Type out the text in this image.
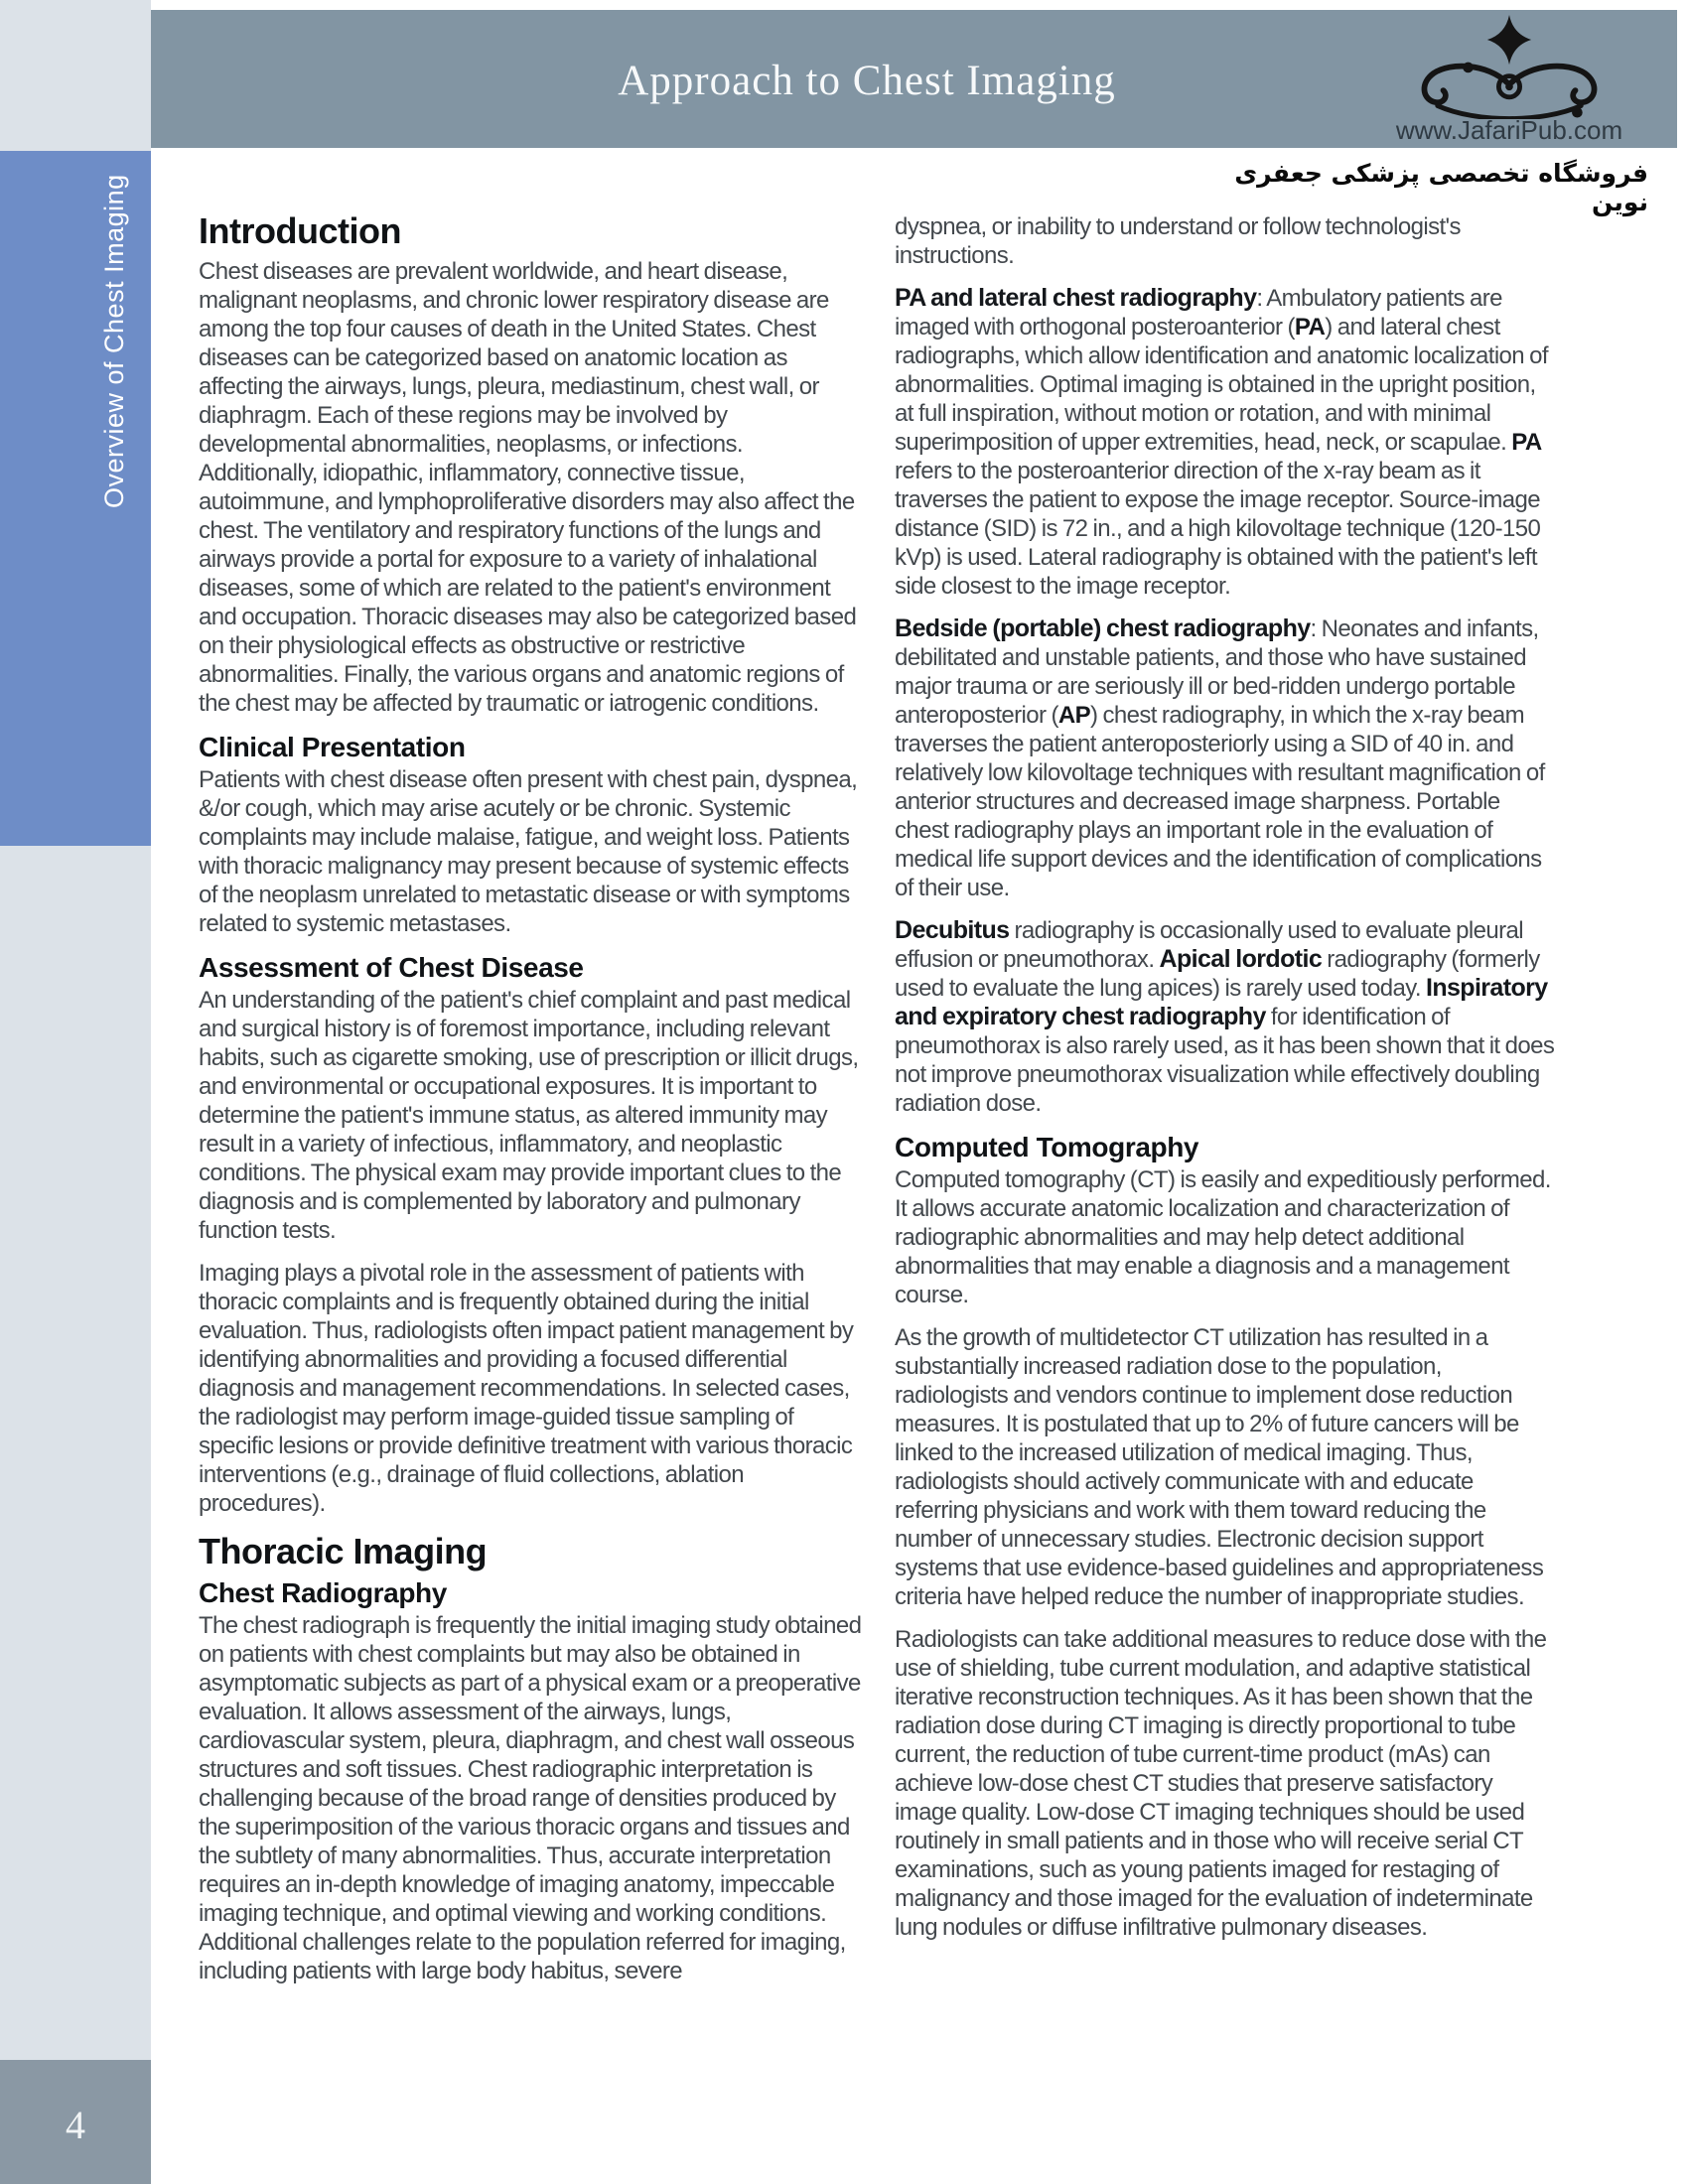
Approach to Chest Imaging
www.JafariPub.com
فروشگاه تخصصی پزشکی جعفری نوین
Overview of Chest Imaging
4
Introduction

Chest diseases are prevalent worldwide, and heart disease, malignant neoplasms, and chronic lower respiratory disease are among the top four causes of death in the United States. Chest diseases can be categorized based on anatomic location as affecting the airways, lungs, pleura, mediastinum, chest wall, or diaphragm. Each of these regions may be involved by developmental abnormalities, neoplasms, or infections. Additionally, idiopathic, inflammatory, connective tissue, autoimmune, and lymphoproliferative disorders may also affect the chest. The ventilatory and respiratory functions of the lungs and airways provide a portal for exposure to a variety of inhalational diseases, some of which are related to the patient's environment and occupation. Thoracic diseases may also be categorized based on their physiological effects as obstructive or restrictive abnormalities. Finally, the various organs and anatomic regions of the chest may be affected by traumatic or iatrogenic conditions.

Clinical Presentation

Patients with chest disease often present with chest pain, dyspnea, &/or cough, which may arise acutely or be chronic. Systemic complaints may include malaise, fatigue, and weight loss. Patients with thoracic malignancy may present because of systemic effects of the neoplasm unrelated to metastatic disease or with symptoms related to systemic metastases.

Assessment of Chest Disease

An understanding of the patient's chief complaint and past medical and surgical history is of foremost importance, including relevant habits, such as cigarette smoking, use of prescription or illicit drugs, and environmental or occupational exposures. It is important to determine the patient's immune status, as altered immunity may result in a variety of infectious, inflammatory, and neoplastic conditions. The physical exam may provide important clues to the diagnosis and is complemented by laboratory and pulmonary function tests.

Imaging plays a pivotal role in the assessment of patients with thoracic complaints and is frequently obtained during the initial evaluation. Thus, radiologists often impact patient management by identifying abnormalities and providing a focused differential diagnosis and management recommendations. In selected cases, the radiologist may perform image-guided tissue sampling of specific lesions or provide definitive treatment with various thoracic interventions (e.g., drainage of fluid collections, ablation procedures).

Thoracic Imaging
Chest Radiography

The chest radiograph is frequently the initial imaging study obtained on patients with chest complaints but may also be obtained in asymptomatic subjects as part of a physical exam or a preoperative evaluation. It allows assessment of the airways, lungs, cardiovascular system, pleura, diaphragm, and chest wall osseous structures and soft tissues. Chest radiographic interpretation is challenging because of the broad range of densities produced by the superimposition of the various thoracic organs and tissues and the subtlety of many abnormalities. Thus, accurate interpretation requires an in-depth knowledge of imaging anatomy, impeccable imaging technique, and optimal viewing and working conditions. Additional challenges relate to the population referred for imaging, including patients with large body habitus, severe

dyspnea, or inability to understand or follow technologist's instructions.

PA and lateral chest radiography: Ambulatory patients are imaged with orthogonal posteroanterior (PA) and lateral chest radiographs, which allow identification and anatomic localization of abnormalities. Optimal imaging is obtained in the upright position, at full inspiration, without motion or rotation, and with minimal superimposition of upper extremities, head, neck, or scapulae. PA refers to the posteroanterior direction of the x-ray beam as it traverses the patient to expose the image receptor. Source-image distance (SID) is 72 in., and a high kilovoltage technique (120-150 kVp) is used. Lateral radiography is obtained with the patient's left side closest to the image receptor.

Bedside (portable) chest radiography: Neonates and infants, debilitated and unstable patients, and those who have sustained major trauma or are seriously ill or bed-ridden undergo portable anteroposterior (AP) chest radiography, in which the x-ray beam traverses the patient anteroposteriorly using a SID of 40 in. and relatively low kilovoltage techniques with resultant magnification of anterior structures and decreased image sharpness. Portable chest radiography plays an important role in the evaluation of medical life support devices and the identification of complications of their use.

Decubitus radiography is occasionally used to evaluate pleural effusion or pneumothorax. Apical lordotic radiography (formerly used to evaluate the lung apices) is rarely used today. Inspiratory and expiratory chest radiography for identification of pneumothorax is also rarely used, as it has been shown that it does not improve pneumothorax visualization while effectively doubling radiation dose.

Computed Tomography

Computed tomography (CT) is easily and expeditiously performed. It allows accurate anatomic localization and characterization of radiographic abnormalities and may help detect additional abnormalities that may enable a diagnosis and a management course.

As the growth of multidetector CT utilization has resulted in a substantially increased radiation dose to the population, radiologists and vendors continue to implement dose reduction measures. It is postulated that up to 2% of future cancers will be linked to the increased utilization of medical imaging. Thus, radiologists should actively communicate with and educate referring physicians and work with them toward reducing the number of unnecessary studies. Electronic decision support systems that use evidence-based guidelines and appropriateness criteria have helped reduce the number of inappropriate studies.

Radiologists can take additional measures to reduce dose with the use of shielding, tube current modulation, and adaptive statistical iterative reconstruction techniques. As it has been shown that the radiation dose during CT imaging is directly proportional to tube current, the reduction of tube current-time product (mAs) can achieve low-dose chest CT studies that preserve satisfactory image quality. Low-dose CT imaging techniques should be used routinely in small patients and in those who will receive serial CT examinations, such as young patients imaged for restaging of malignancy and those imaged for the evaluation of indeterminate lung nodules or diffuse infiltrative pulmonary diseases.
